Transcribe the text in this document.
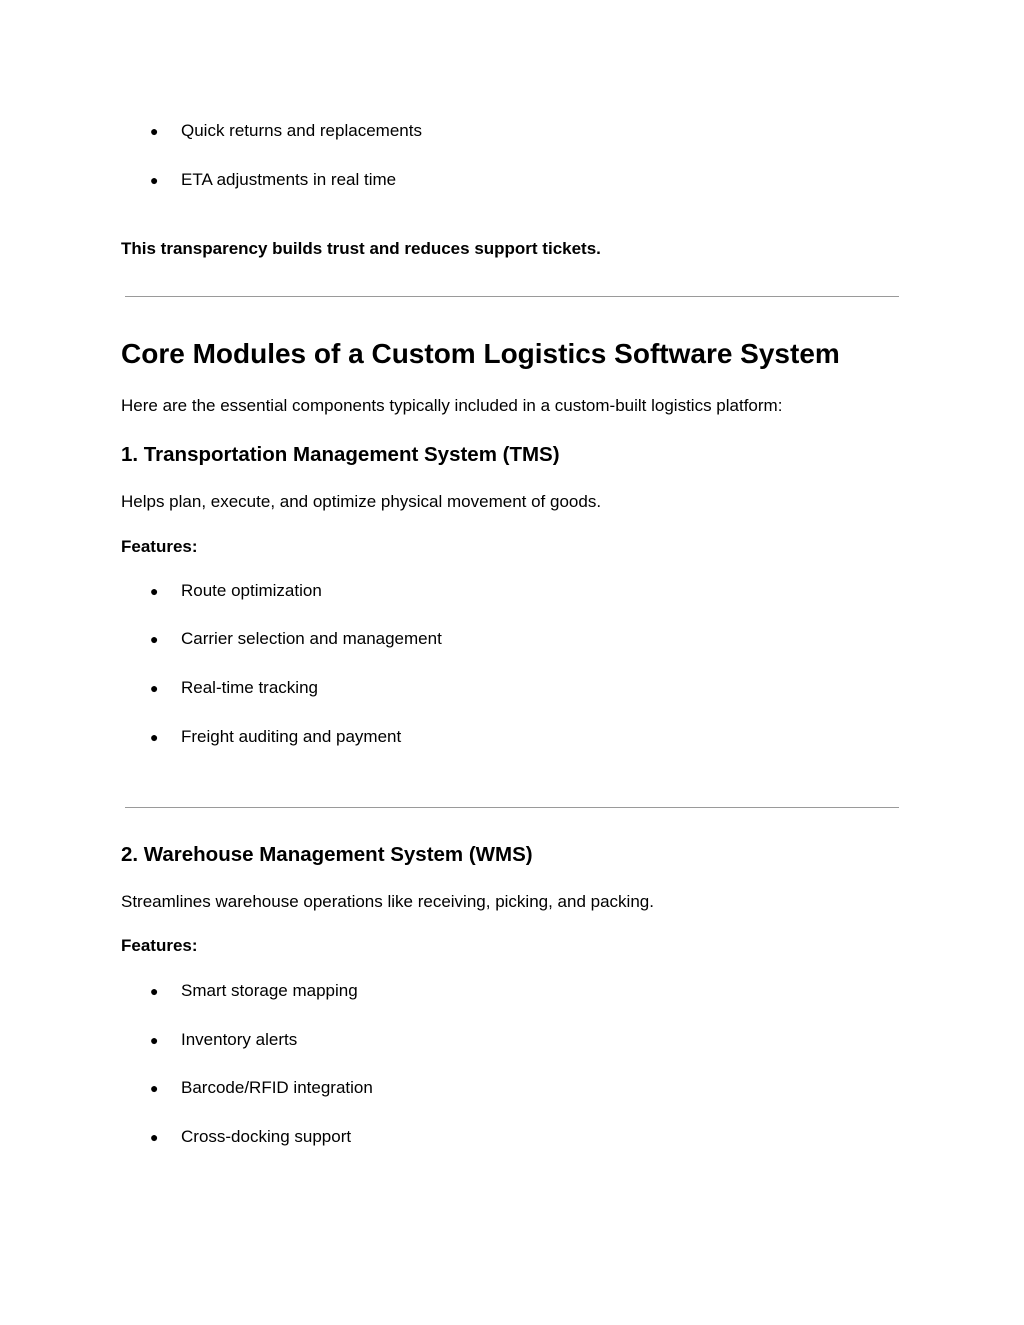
●	Quick returns and replacements
●	ETA adjustments in real time

This transparency builds trust and reduces support tickets.

Core Modules of a Custom Logistics Software System

Here are the essential components typically included in a custom-built logistics platform:

1. Transportation Management System (TMS)

Helps plan, execute, and optimize physical movement of goods.

Features:

●	Route optimization
●	Carrier selection and management
●	Real-time tracking
●	Freight auditing and payment
2. Warehouse Management System (WMS)

Streamlines warehouse operations like receiving, picking, and packing.

Features:

●	Smart storage mapping
●	Inventory alerts
●	Barcode/RFID integration
●	Cross-docking support
